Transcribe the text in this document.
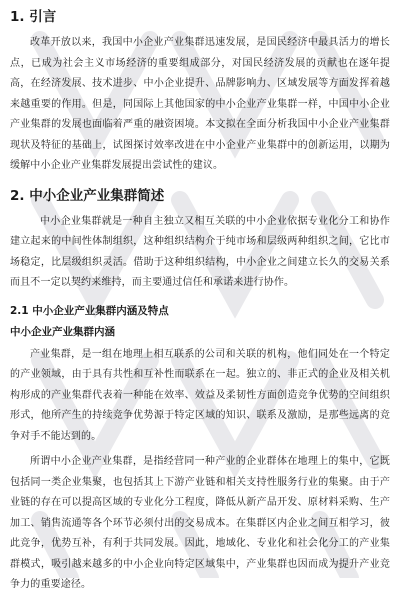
1. 引言

改革开放以来，我国中小企业产业集群迅速发展，是国民经济中最具活力的增长点，已成为社会主义市场经济的重要组成部分，对国民经济发展的贡献也在逐年提高，在经济发展、技术进步、中小企业提升、品牌影响力、区域发展等方面发挥着越来越重要的作用。但是，同国际上其他国家的中小企业产业集群一样，中国中小企业产业集群的发展也面临着严重的融资困境。本文拟在全面分析我国中小企业产业集群现状及特征的基础上，试图探讨效率改进在中小企业产业集群中的创新运用，以期为缓解中小企业产业集群发展提出尝试性的建议。

2. 中小企业产业集群简述

中小企业集群就是一种自主独立又相互关联的中小企业依据专业化分工和协作建立起来的中间性体制组织，这种组织结构介于纯市场和层级两种组织之间，它比市场稳定，比层级组织灵活。借助于这种组织结构，中小企业之间建立长久的交易关系而且不一定以契约来维持，而主要通过信任和承诺来进行协作。

2.1 中小企业产业集群内涵及特点
中小企业产业集群内涵

产业集群，是一组在地理上相互联系的公司和关联的机构，他们同处在一个特定的产业领域，由于具有共性和互补性而联系在一起。独立的、非正式的企业及相关机构形成的产业集群代表着一种能在效率、效益及柔韧性方面创造竞争优势的空间组织形式，他所产生的持续竞争优势源于特定区域的知识、联系及激励，是那些远离的竞争对手不能达到的。

所谓中小企业产业集群，是指经营同一种产业的企业群体在地理上的集中，它既包括同一类企业集聚，也包括其上下游产业链和相关支持性服务行业的集聚。由于产业链的存在可以提高区域的专业化分工程度，降低从新产品开发、原材料采购、生产加工、销售流通等各个环节必须付出的交易成本。在集群区内企业之间互相学习，彼此竞争，优势互补，有利于共同发展。因此，地域化、专业化和社会化分工的产业集群模式，吸引越来越多的中小企业向特定区域集中，产业集群也因而成为提升产业竞争力的重要途径。
